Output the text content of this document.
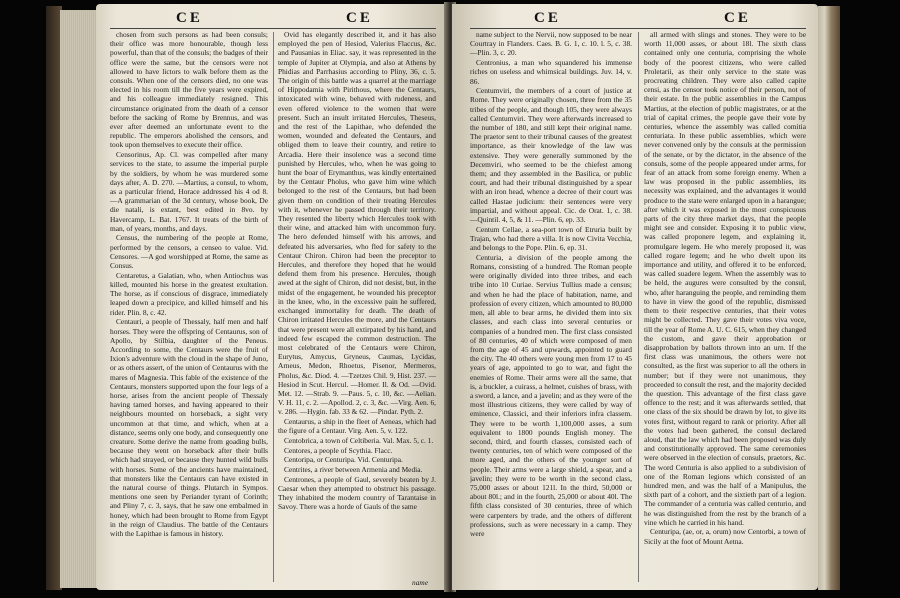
CE	CE

chosen from such persons as had been consuls; their office was more honourable, though less powerful, than that of the consuls; the badges of their office were the same, but the censors were not allowed to have lictors to walk before them as the consuls. When one of the censors died, no one was elected in his room till the five years were expired, and his colleague immediately resigned. This circumstance originated from the death of a censor before the sacking of Rome by Brennus, and was ever after deemed an unfortunate event to the republic. The emperors abolished the censors, and took upon themselves to execute their office.

Censorinus, Ap. Cl. was compelled after many services to the state, to assume the imperial purple by the soldiers, by whom he was murdered some days after, A. D. 270. —Martius, a consul, to whom, as a particular friend, Horace addressed his 4 od 8. —A grammarian of the 3d century, whose book, De die natali, is extant, best edited in 8vo. by Havercamp, L. Bat. 1767. It treats of the birth of man, of years, months, and days.

Census, the numbering of the people at Rome, performed by the censors, a censeo to value. Vid. Censores. —A god worshipped at Rome, the same as Consus.

Centaretus, a Galatian, who, when Antiochus was killed, mounted his horse in the greatest exultation. The horse, as if conscious of disgrace, immediately leaped down a precipice, and killed himself and his rider. Plin. 8, c. 42.

Centauri, a people of Thessaly, half men and half horses. They were the offspring of Centaurus, son of Apollo, by Stilbia, daughter of the Peneus. According to some, the Centaurs were the fruit of Ixion's adventure with the cloud in the shape of Juno, or as others assert, of the union of Centaurus with the mares of Magnesia. This fable of the existence of the Centaurs, monsters supported upon the four legs of a horse, arises from the ancient people of Thessaly having tamed horses, and having appeared to their neighbours mounted on horseback, a sight very uncommon at that time, and which, when at a distance, seems only one body, and consequently one creature. Some derive the name from goading bulls, because they went on horseback after their bulls which had strayed, or because they hunted wild bulls with horses. Some of the ancients have maintained, that monsters like the Centaurs can have existed in the natural course of things. Plutarch in Sympos. mentions one seen by Periander tyrant of Corinth; and Pliny 7, c. 3, says, that he saw one embalmed in honey, which had been brought to Rome from Egypt in the reign of Claudius. The battle of the Centaurs with the Lapithae is famous in history.

Ovid has elegantly described it, and it has also employed the pen of Hesiod, Valerius Flaccus, &c. and Pausanias in Eliac. say, it was represented in the temple of Jupiter at Olympia, and also at Athens by Phidias and Parrhasius according to Pliny, 36, c. 5. The origin of this battle was a quarrel at the marriage of Hippodamia with Pirithous, where the Centaurs, intoxicated with wine, behaved with rudeness, and even offered violence to the women that were present. Such an insult irritated Hercules, Theseus, and the rest of the Lapithae, who defended the women, wounded and defeated the Centaurs, and obliged them to leave their country, and retire to Arcadia. Here their insolence was a second time punished by Hercules, who, when he was going to hunt the boar of Erymanthus, was kindly entertained by the Centaur Pholus, who gave him wine which belonged to the rest of the Centaurs, but had been given them on condition of their treating Hercules with it, whenever he passed through their territory. They resented the liberty which Hercules took with their wine, and attacked him with uncommon fury. The hero defended himself with his arrows, and defeated his adversaries, who fled for safety to the Centaur Chiron. Chiron had been the preceptor to Hercules, and therefore they hoped that he would defend them from his presence. Hercules, though awed at the sight of Chiron, did not desist, but, in the midst of the engagement, he wounded his preceptor in the knee, who, in the excessive pain he suffered, exchanged immortality for death. The death of Chiron irritated Hercules the more, and the Centaurs that were present were all extirpated by his hand, and indeed few escaped the common destruction. The most celebrated of the Centaurs were Chiron, Eurytus, Amycus, Gryneus, Caumas, Lycidas, Arneus, Medon, Rhoetus, Pisenor, Mermeros, Pholus, &c. Diod. 4. —Tzetzes Chil. 9, Hist. 237. —Hesiod in Scut. Hercul. —Homer. Il. & Od. —Ovid. Met. 12. —Strab. 9. —Paus. 5, c. 10, &c. —Aelian. V. H. 11, c. 2. —Apollod. 2, c. 3, &c. —Virg. Aen. 6, v. 286. —Hygin. fab. 33 & 62. —Pindar. Pyth. 2.

Centaurus, a ship in the fleet of Aeneas, which had the figure of a Centaur. Virg. Aen. 5, v. 122.

Centobrica, a town of Celtiberia. Val. Max. 5, c. 1.

Centores, a people of Scythia. Flacc.

Centoripa, or Centuripa. Vid. Centuripa.

Centrites, a river between Armenia and Media.

Centrones, a people of Gaul, severely beaten by J. Caesar when they attempted to obstruct his passage. They inhabited the modern country of Tarantaise in Savoy. There was a horde of Gauls of the same

name
CE	CE

name subject to the Nervii, now supposed to be near Courtray in Flanders. Caes. B. G. 1, c. 10. l. 5, c. 38. —Plin. 3, c. 20.

Centronius, a man who squandered his immense riches on useless and whimsical buildings. Juv. 14, v. 86.

Centumviri, the members of a court of justice at Rome. They were originally chosen, three from the 35 tribes of the people, and though 105, they were always called Centumviri. They were afterwards increased to the number of 180, and still kept their original name. The praetor sent to their tribunal causes of the greatest importance, as their knowledge of the law was extensive. They were generally summoned by the Decemviri, who seemed to be the chiefest among them; and they assembled in the Basilica, or public court, and had their tribunal distinguished by a spear with an iron head, whence a decree of their court was called Hastae judicium: their sentences were very impartial, and without appeal. Cic. de Orat. 1, c. 38. —Quintil. 4, 5, & 11. —Plin. 6, ep. 33.

Centum Cellae, a sea-port town of Etruria built by Trajan, who had there a villa. It is now Civita Vecchia, and belongs to the Pope. Plin. 6, ep. 31.

Centuria, a division of the people among the Romans, consisting of a hundred. The Roman people were originally divided into three tribes, and each tribe into 10 Curiae. Servius Tullius made a census; and when he had the place of habitation, name, and profession of every citizen, which amounted to 80,000 men, all able to bear arms, he divided them into six classes, and each class into several centuries or companies of a hundred men. The first class consisted of 80 centuries, 40 of which were composed of men from the age of 45 and upwards, appointed to guard the city. The 40 others were young men from 17 to 45 years of age, appointed to go to war, and fight the enemies of Rome. Their arms were all the same, that is, a buckler, a cuirass, a helmet, cuishes of brass, with a sword, a lance, and a javelin; and as they were of the most illustrious citizens, they were called by way of eminence, Classici, and their inferiors infra classem. They were to be worth 1,100,000 asses, a sum equivalent to 1800 pounds English money. The second, third, and fourth classes, consisted each of twenty centuries, ten of which were composed of the more aged, and the others of the younger sort of people. Their arms were a large shield, a spear, and a javelin; they were to be worth in the second class, 75,000 asses or about 121l. In the third, 50,000 or about 80l.; and in the fourth, 25,000 or about 40l. The fifth class consisted of 30 centuries, three of which were carpenters by trade, and the others of different professions, such as were necessary in a camp. They were

all armed with slings and stones. They were to be worth 11,000 asses, or about 18l. The sixth class contained only one centuria, comprising the whole body of the poorest citizens, who were called Proletarii, as their only service to the state was procreating children. They were also called capite censi, as the censor took notice of their person, not of their estate. In the public assemblies in the Campus Martius, at the election of public magistrates, or at the trial of capital crimes, the people gave their vote by centuries, whence the assembly was called comitia centuriata. In these public assemblies, which were never convened only by the consuls at the permission of the senate, or by the dictator, in the absence of the consuls, some of the people appeared under arms, for fear of an attack from some foreign enemy. When a law was proposed in the public assemblies, its necessity was explained, and the advantages it would produce to the state were enlarged upon in a harangue; after which it was exposed in the most conspicuous parts of the city three market days, that the people might see and consider. Exposing it to public view, was called proponere legem, and explaining it, promulgare legem. He who merely proposed it, was called rogare legem; and he who dwelt upon its importance and utility, and offered it to be enforced, was called suadere legem. When the assembly was to be held, the augures were consulted by the consul, who, after haranguing the people, and reminding them to have in view the good of the republic, dismissed them to their respective centuries, that their votes might be collected. They gave their votes viva voce, till the year of Rome A. U. C. 615, when they changed the custom, and gave their approbation or disapprobation by ballots thrown into an urn. If the first class was unanimous, the others were not consulted, as the first was superior to all the others in number; but if they were not unanimous, they proceeded to consult the rest, and the majority decided the question. This advantage of the first class gave offence to the rest; and it was afterwards settled, that one class of the six should be drawn by lot, to give its votes first, without regard to rank or priority. After all the votes had been gathered, the consul declared aloud, that the law which had been proposed was duly and constitutionally approved. The same ceremonies were observed in the election of consuls, praetors, &c. The word Centuria is also applied to a subdivision of one of the Roman legions which consisted of an hundred men, and was the half of a Manipulus, the sixth part of a cohort, and the sixtieth part of a legion. The commander of a centuria was called centurio, and he was distinguished from the rest by the branch of a vine which he carried in his hand.

Centuripa, (ae, or, a, orum) now Centorbi, a town of Sicily at the foot of Mount Aetna.
